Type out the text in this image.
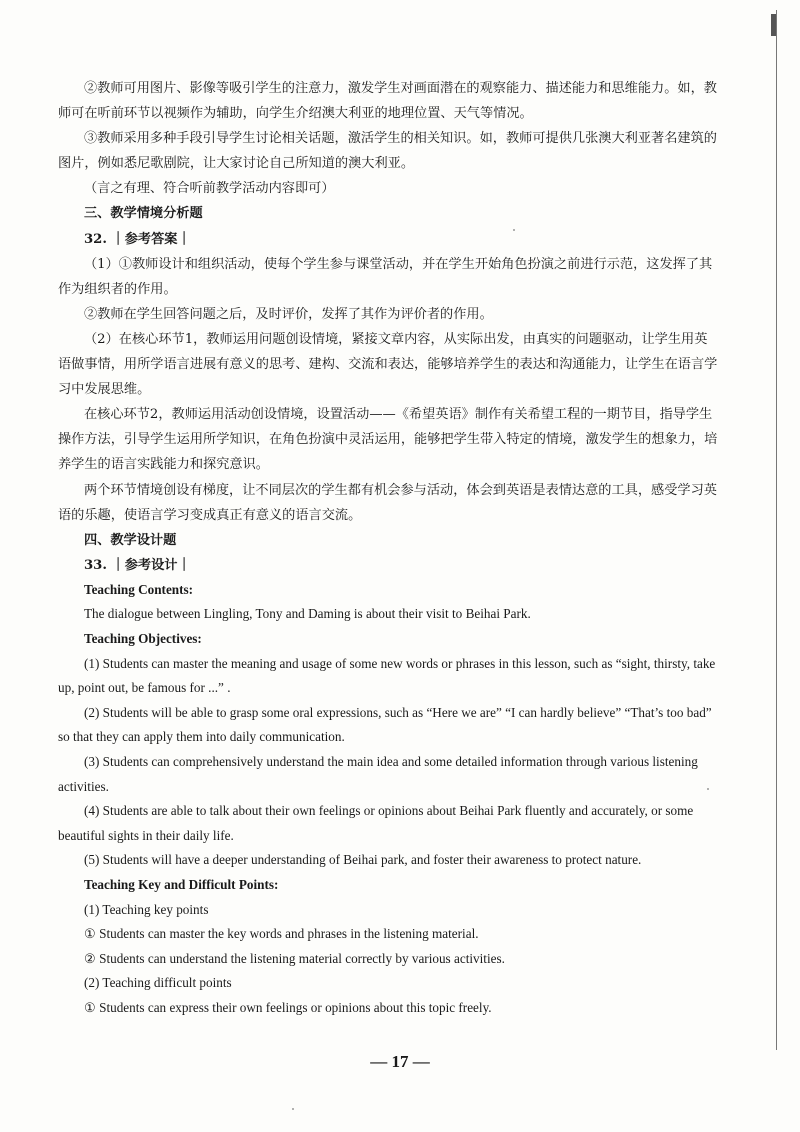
②教师可用图片、影像等吸引学生的注意力，激发学生对画面潜在的观察能力、描述能力和思维能力。如，教师可在听前环节以视频作为辅助，向学生介绍澳大利亚的地理位置、天气等情况。

③教师采用多种手段引导学生讨论相关话题，激活学生的相关知识。如，教师可提供几张澳大利亚著名建筑的图片，例如悉尼歌剧院，让大家讨论自己所知道的澳大利亚。

（言之有理、符合听前教学活动内容即可）

三、教学情境分析题

32. ｜参考答案｜

（1）①教师设计和组织活动，使每个学生参与课堂活动，并在学生开始角色扮演之前进行示范，这发挥了其作为组织者的作用。

②教师在学生回答问题之后，及时评价，发挥了其作为评价者的作用。

（2）在核心环节1，教师运用问题创设情境，紧接文章内容，从实际出发，由真实的问题驱动，让学生用英语做事情，用所学语言进展有意义的思考、建构、交流和表达，能够培养学生的表达和沟通能力，让学生在语言学习中发展思维。

在核心环节2，教师运用活动创设情境，设置活动——《希望英语》制作有关希望工程的一期节目，指导学生操作方法，引导学生运用所学知识，在角色扮演中灵活运用，能够把学生带入特定的情境，激发学生的想象力，培养学生的语言实践能力和探究意识。

两个环节情境创设有梯度，让不同层次的学生都有机会参与活动，体会到英语是表情达意的工具，感受学习英语的乐趣，使语言学习变成真正有意义的语言交流。

四、教学设计题

33. ｜参考设计｜

Teaching Contents:

The dialogue between Lingling, Tony and Daming is about their visit to Beihai Park.

Teaching Objectives:

(1) Students can master the meaning and usage of some new words or phrases in this lesson, such as “sight, thirsty, take up, point out, be famous for ...” .

(2) Students will be able to grasp some oral expressions, such as “Here we are” “I can hardly believe” “That’s too bad” so that they can apply them into daily communication.

(3) Students can comprehensively understand the main idea and some detailed information through various listening activities.

(4) Students are able to talk about their own feelings or opinions about Beihai Park fluently and accurately, or some beautiful sights in their daily life.

(5) Students will have a deeper understanding of Beihai park, and foster their awareness to protect nature.

Teaching Key and Difficult Points:

(1) Teaching key points

① Students can master the key words and phrases in the listening material.

② Students can understand the listening material correctly by various activities.

(2) Teaching difficult points

① Students can express their own feelings or opinions about this topic freely.

— 17 —
